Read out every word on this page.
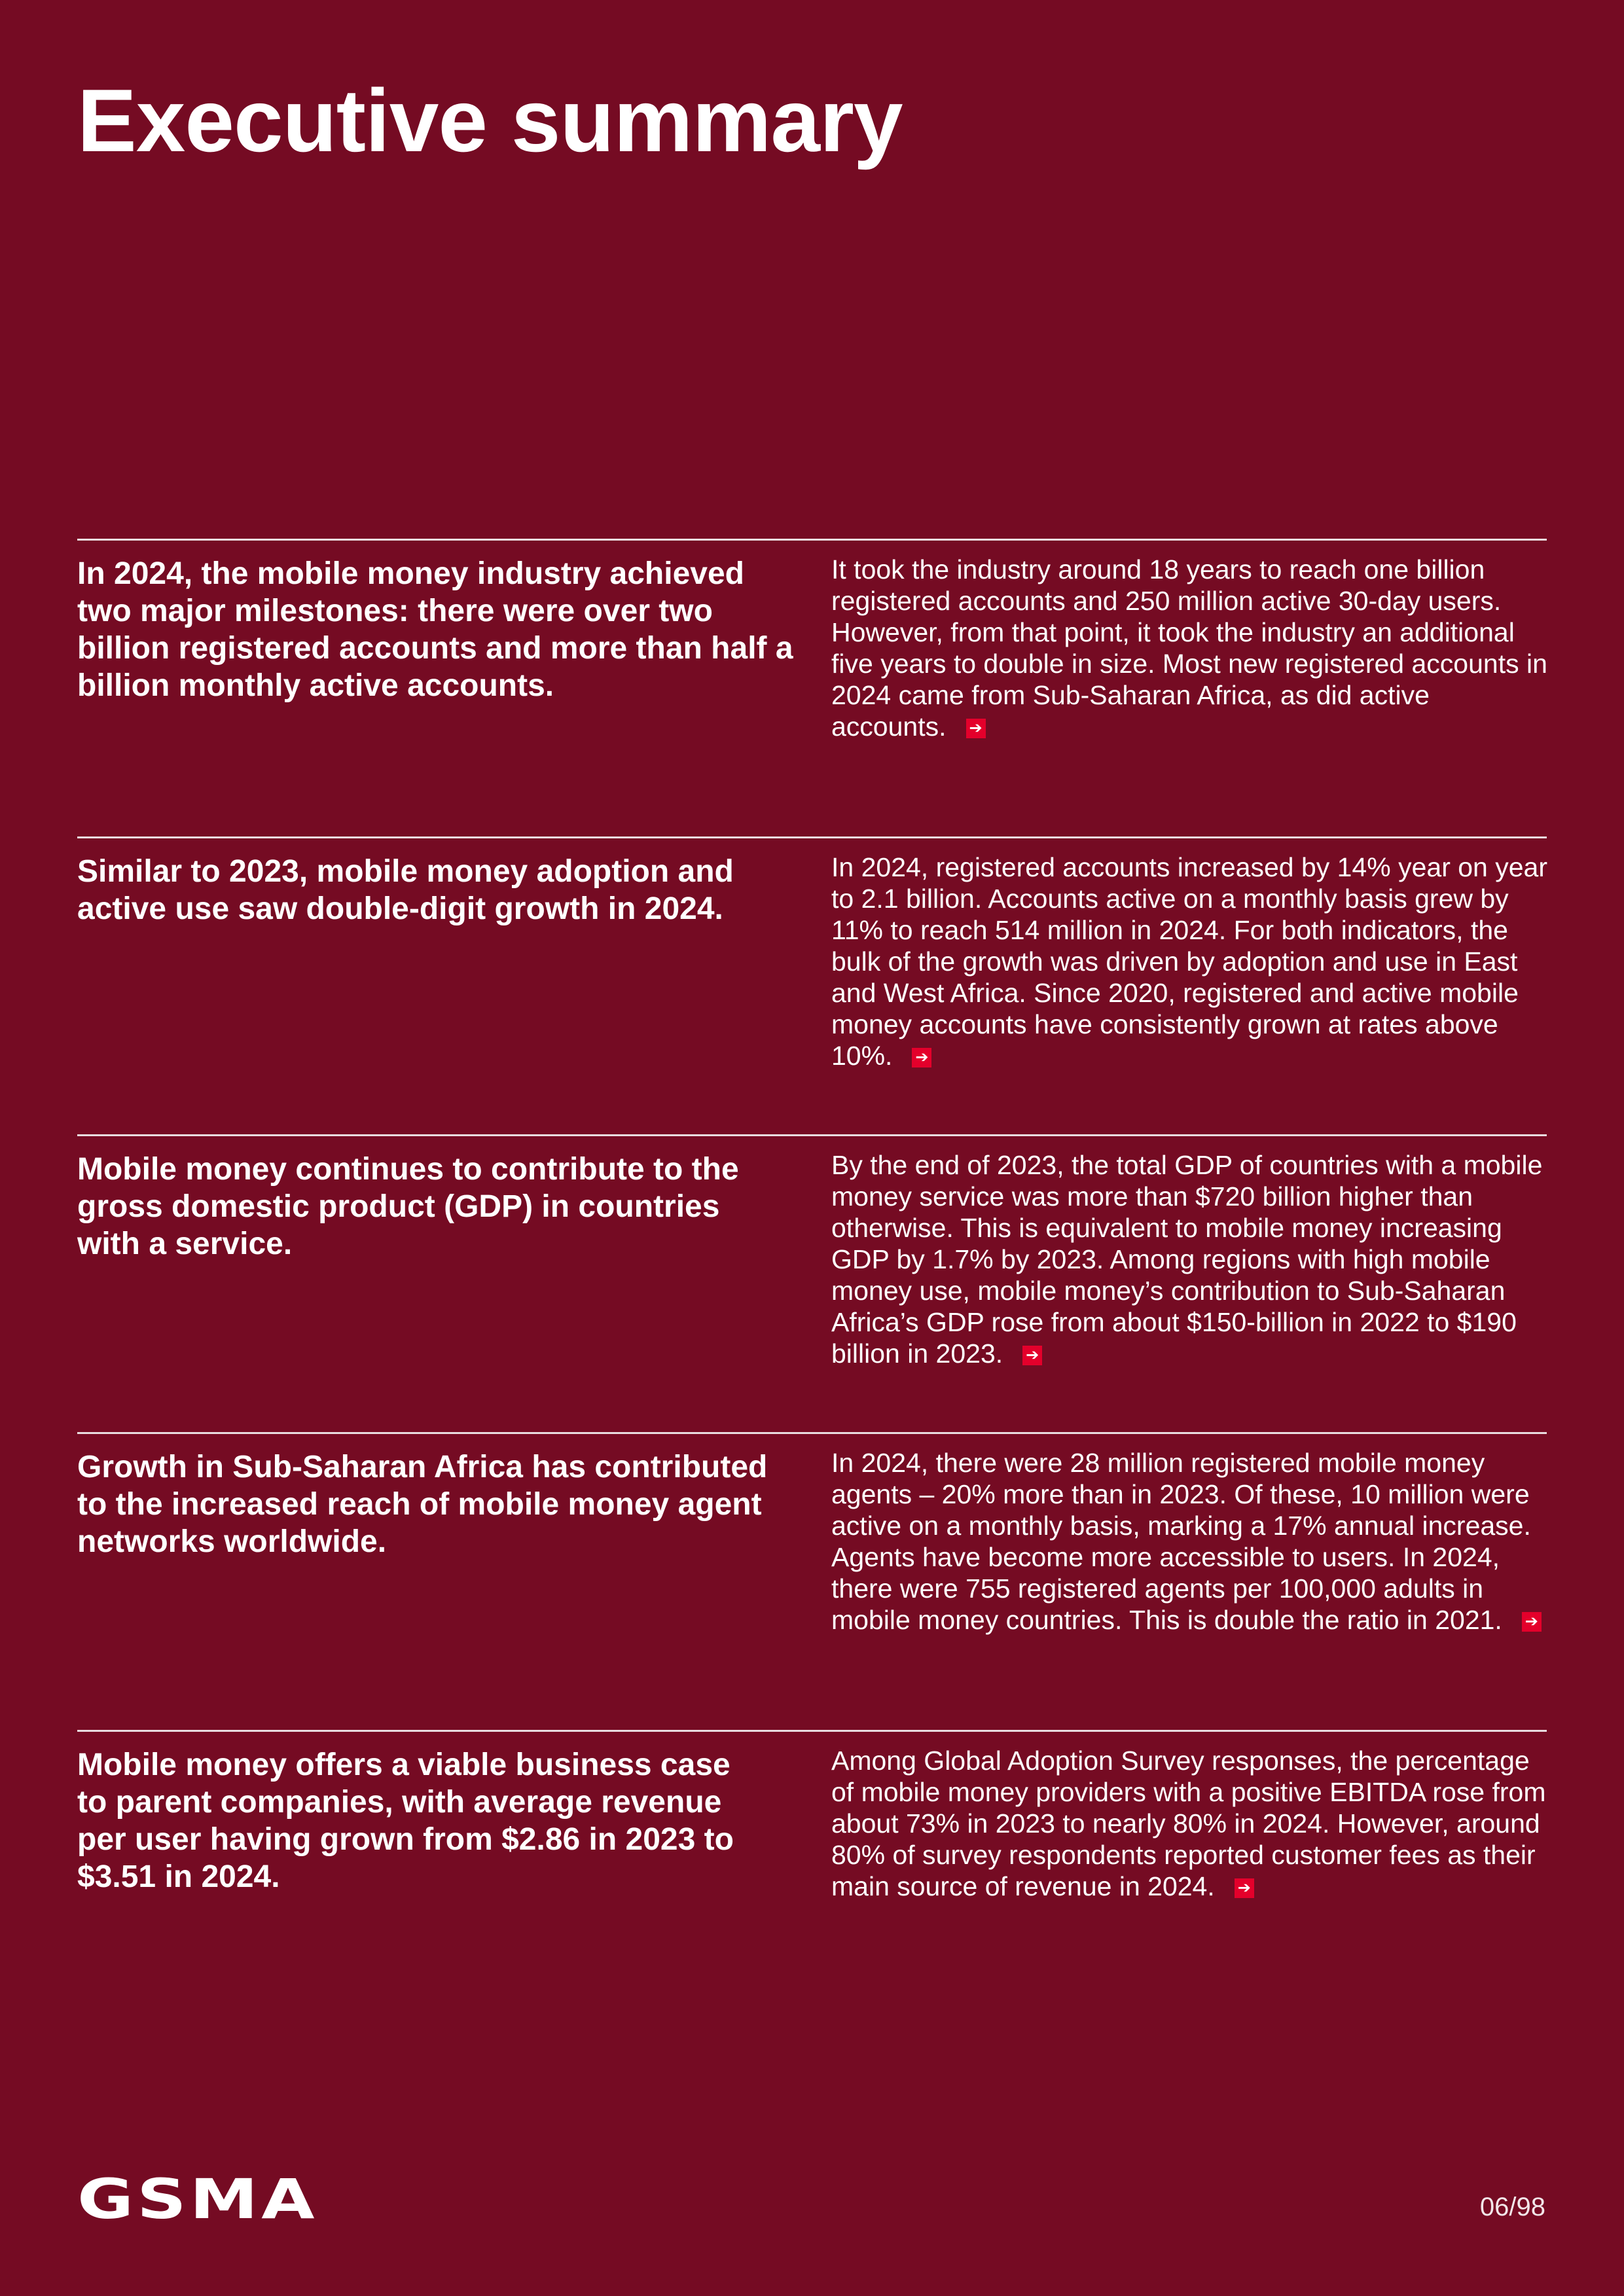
Executive summary
In 2024, the mobile money industry achieved two major milestones: there were over two billion registered accounts and more than half a billion monthly active accounts.
It took the industry around 18 years to reach one billion registered accounts and 250 million active 30-day users. However, from that point, it took the industry an additional five years to double in size. Most new registered accounts in 2024 came from Sub-Saharan Africa, as did active accounts. ➔
Similar to 2023, mobile money adoption and active use saw double-digit growth in 2024.
In 2024, registered accounts increased by 14% year on year to 2.1 billion. Accounts active on a monthly basis grew by 11% to reach 514 million in 2024. For both indicators, the bulk of the growth was driven by adoption and use in East and West Africa. Since 2020, registered and active mobile money accounts have consistently grown at rates above 10%. ➔
Mobile money continues to contribute to the gross domestic product (GDP) in countries with a service.
By the end of 2023, the total GDP of countries with a mobile money service was more than $720 billion higher than otherwise. This is equivalent to mobile money increasing GDP by 1.7% by 2023. Among regions with high mobile money use, mobile money’s contribution to Sub-Saharan Africa’s GDP rose from about $150-billion in 2022 to $190 billion in 2023. ➔
Growth in Sub-Saharan Africa has contributed to the increased reach of mobile money agent networks worldwide.
In 2024, there were 28 million registered mobile money agents – 20% more than in 2023. Of these, 10 million were active on a monthly basis, marking a 17% annual increase. Agents have become more accessible to users. In 2024, there were 755 registered agents per 100,000 adults in mobile money countries. This is double the ratio in 2021. ➔
Mobile money offers a viable business case to parent companies, with average revenue per user having grown from $2.86 in 2023 to $3.51 in 2024.
Among Global Adoption Survey responses, the percentage of mobile money providers with a positive EBITDA rose from about 73% in 2023 to nearly 80% in 2024. However, around 80% of survey respondents reported customer fees as their main source of revenue in 2024. ➔
GSMA	06/98
